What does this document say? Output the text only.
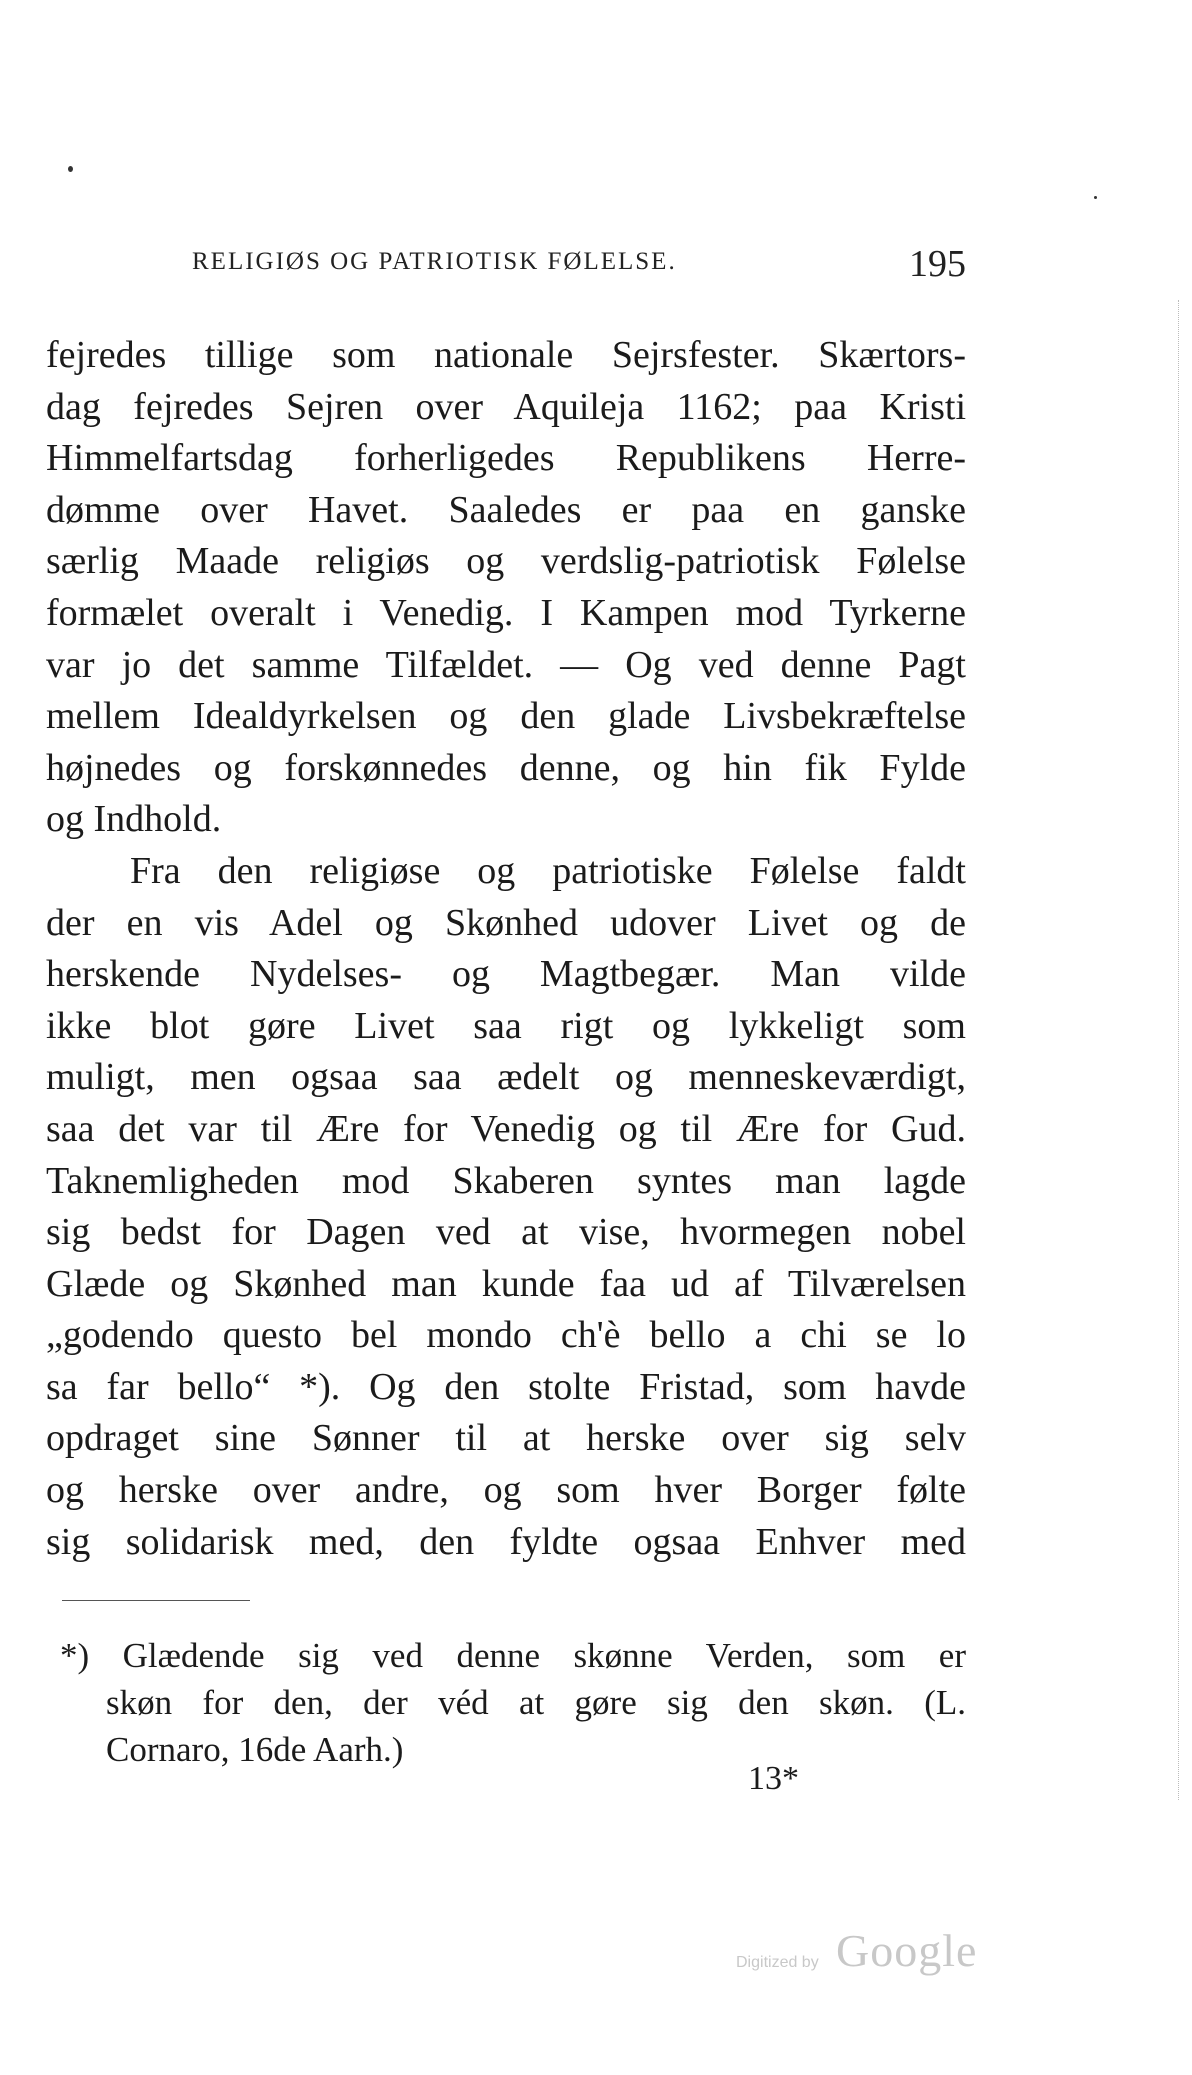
RELIGIØS OG PATRIOTISK FØLELSE.	195
fejredes tillige som nationale Sejrsfester. Skærtors-
dag fejredes Sejren over Aquileja 1162; paa Kristi
Himmelfartsdag forherligedes Republikens Herre-
dømme over Havet. Saaledes er paa en ganske
særlig Maade religiøs og verdslig-patriotisk Følelse
formælet overalt i Venedig. I Kampen mod Tyrkerne
var jo det samme Tilfældet. — Og ved denne Pagt
mellem Idealdyrkelsen og den glade Livsbekræftelse
højnedes og forskønnedes denne, og hin fik Fylde
og Indhold.
Fra den religiøse og patriotiske Følelse faldt
der en vis Adel og Skønhed udover Livet og de
herskende Nydelses- og Magtbegær. Man vilde
ikke blot gøre Livet saa rigt og lykkeligt som
muligt, men ogsaa saa ædelt og menneskeværdigt,
saa det var til Ære for Venedig og til Ære for Gud.
Taknemligheden mod Skaberen syntes man lagde
sig bedst for Dagen ved at vise, hvormegen nobel
Glæde og Skønhed man kunde faa ud af Tilværelsen
„godendo questo bel mondo ch'è bello a chi se lo
sa far bello“ *). Og den stolte Fristad, som havde
opdraget sine Sønner til at herske over sig selv
og herske over andre, og som hver Borger følte
sig solidarisk med, den fyldte ogsaa Enhver med
*) Glædende sig ved denne skønne Verden, som er
skøn for den, der véd at gøre sig den skøn. (L.
Cornaro, 16de Aarh.)
13*
Digitized by Google
